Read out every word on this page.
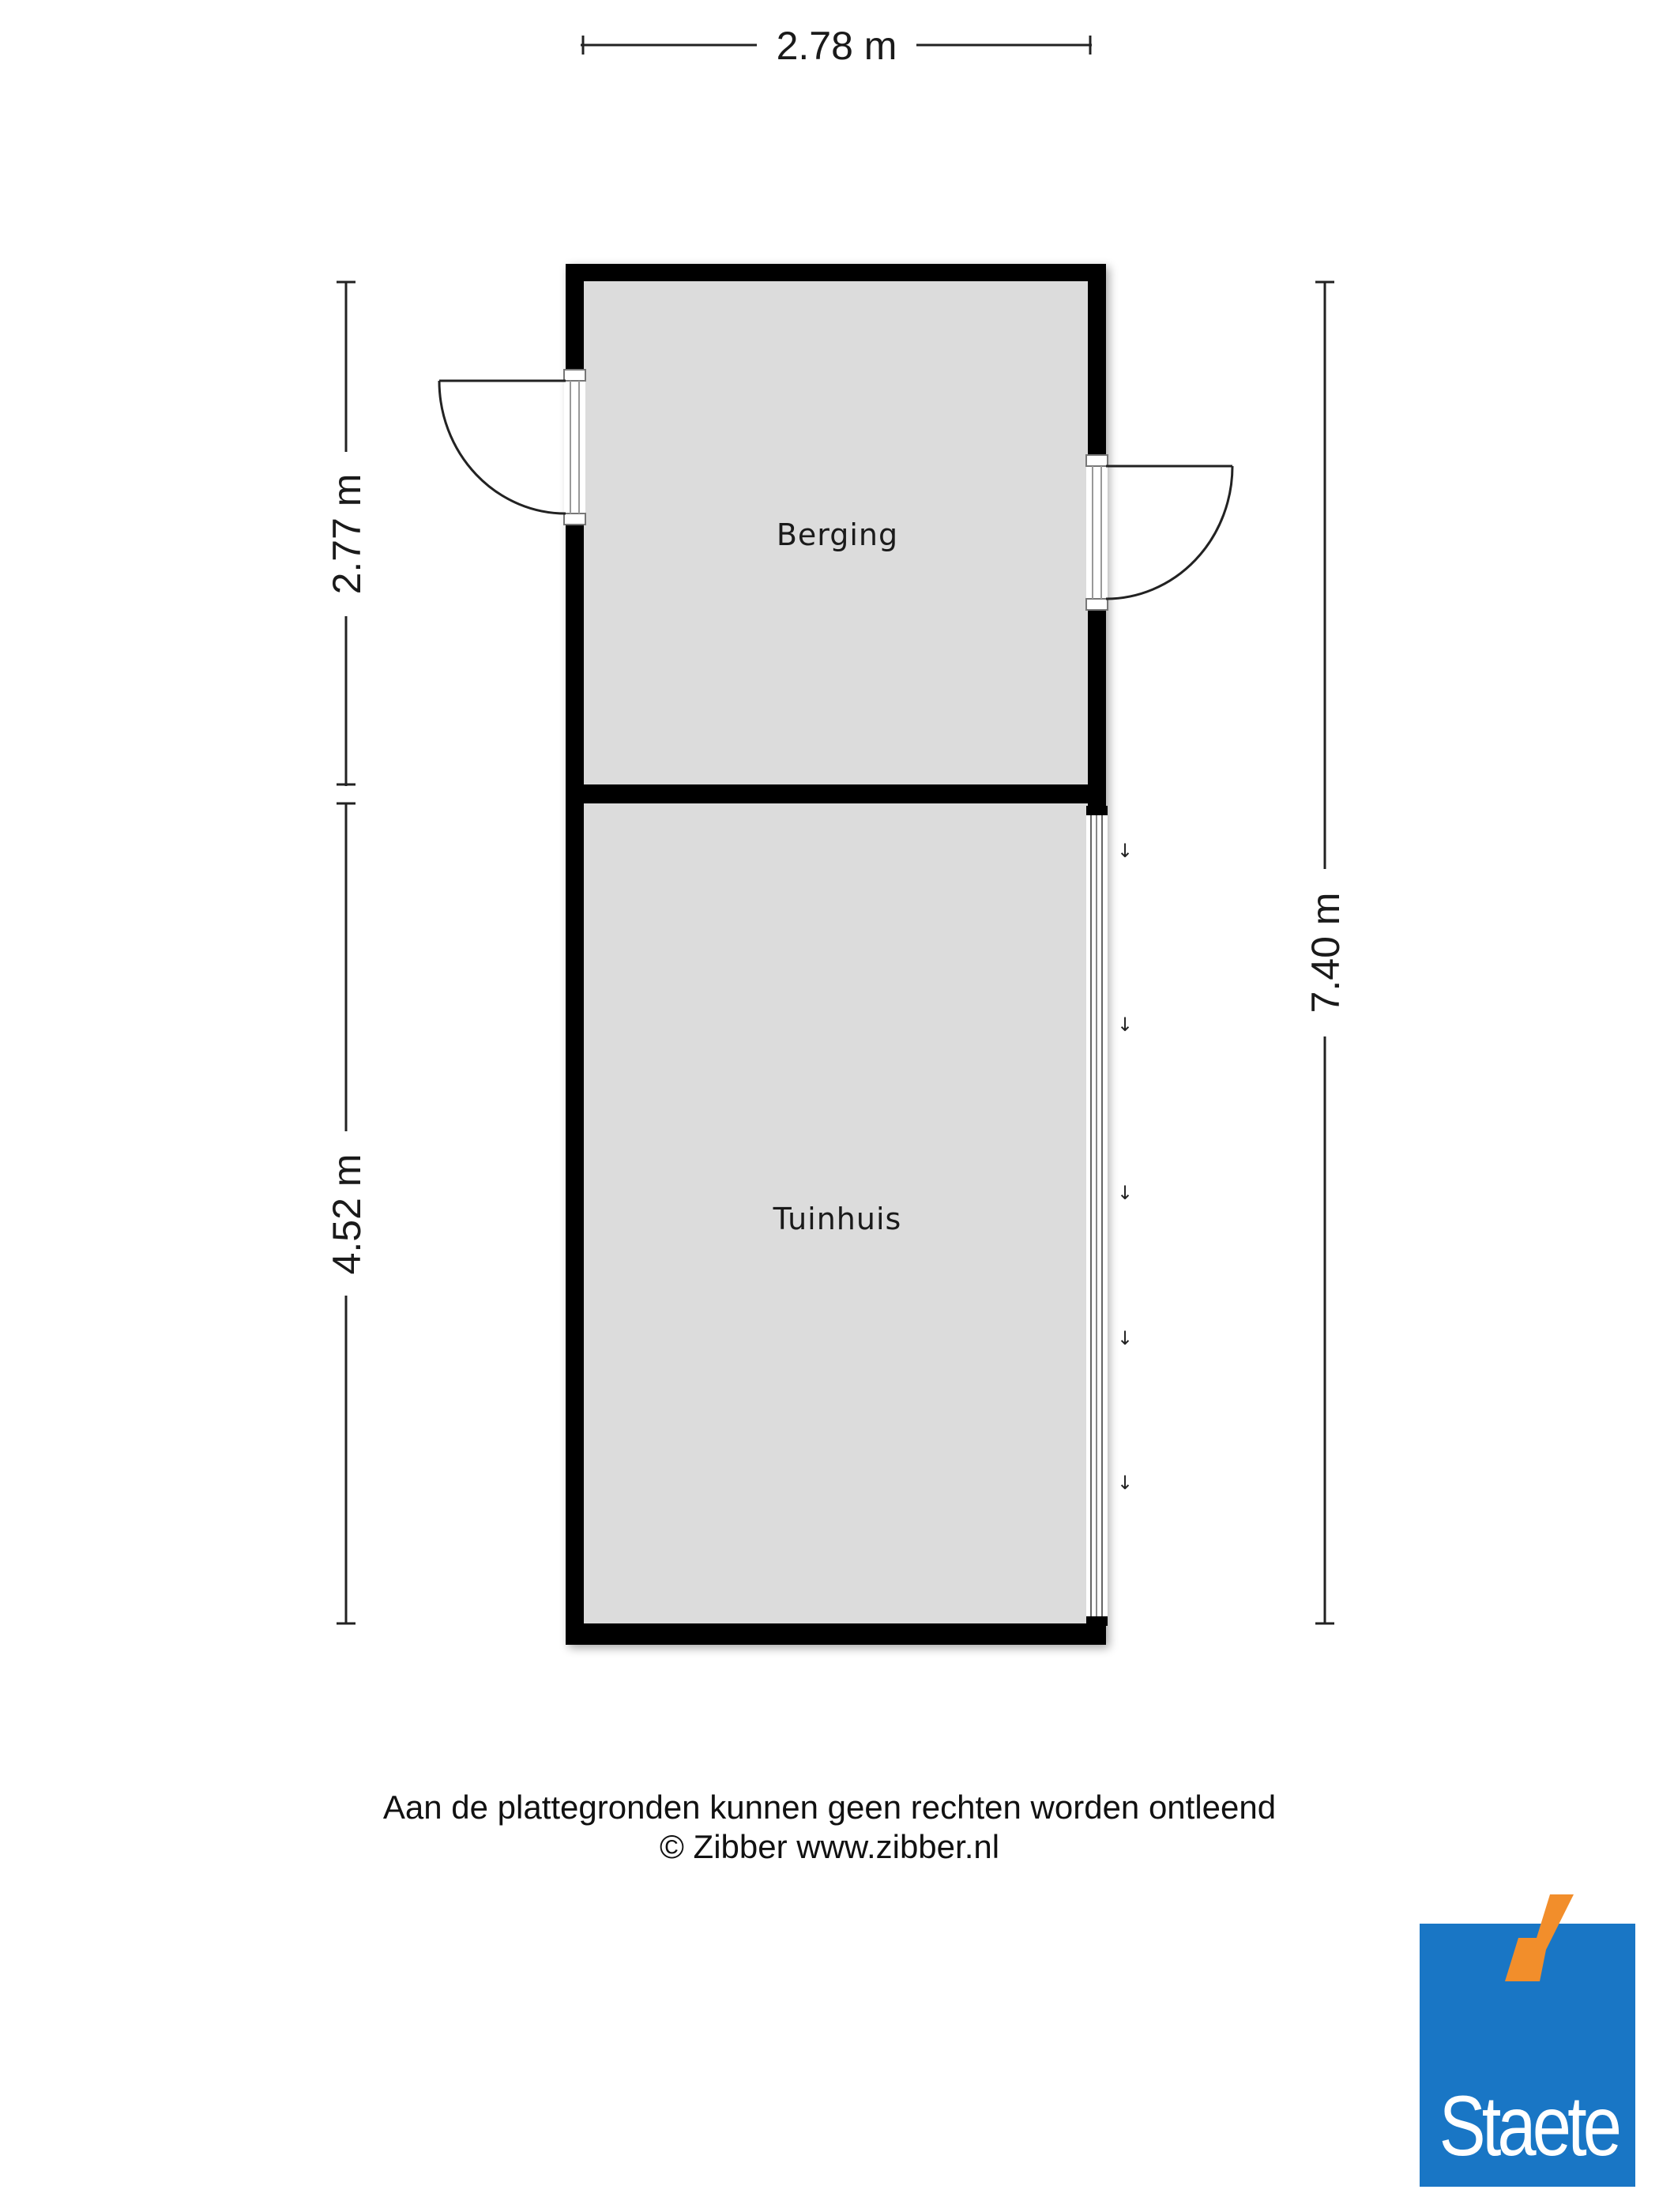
2.78 m
2.77 m
4.52 m
7.40 m
↓
↓
↓
↓
↓
Berging
Tuinhuis
Aan de plattegronden kunnen geen rechten worden ontleend
© Zibber www.zibber.nl
Staete
